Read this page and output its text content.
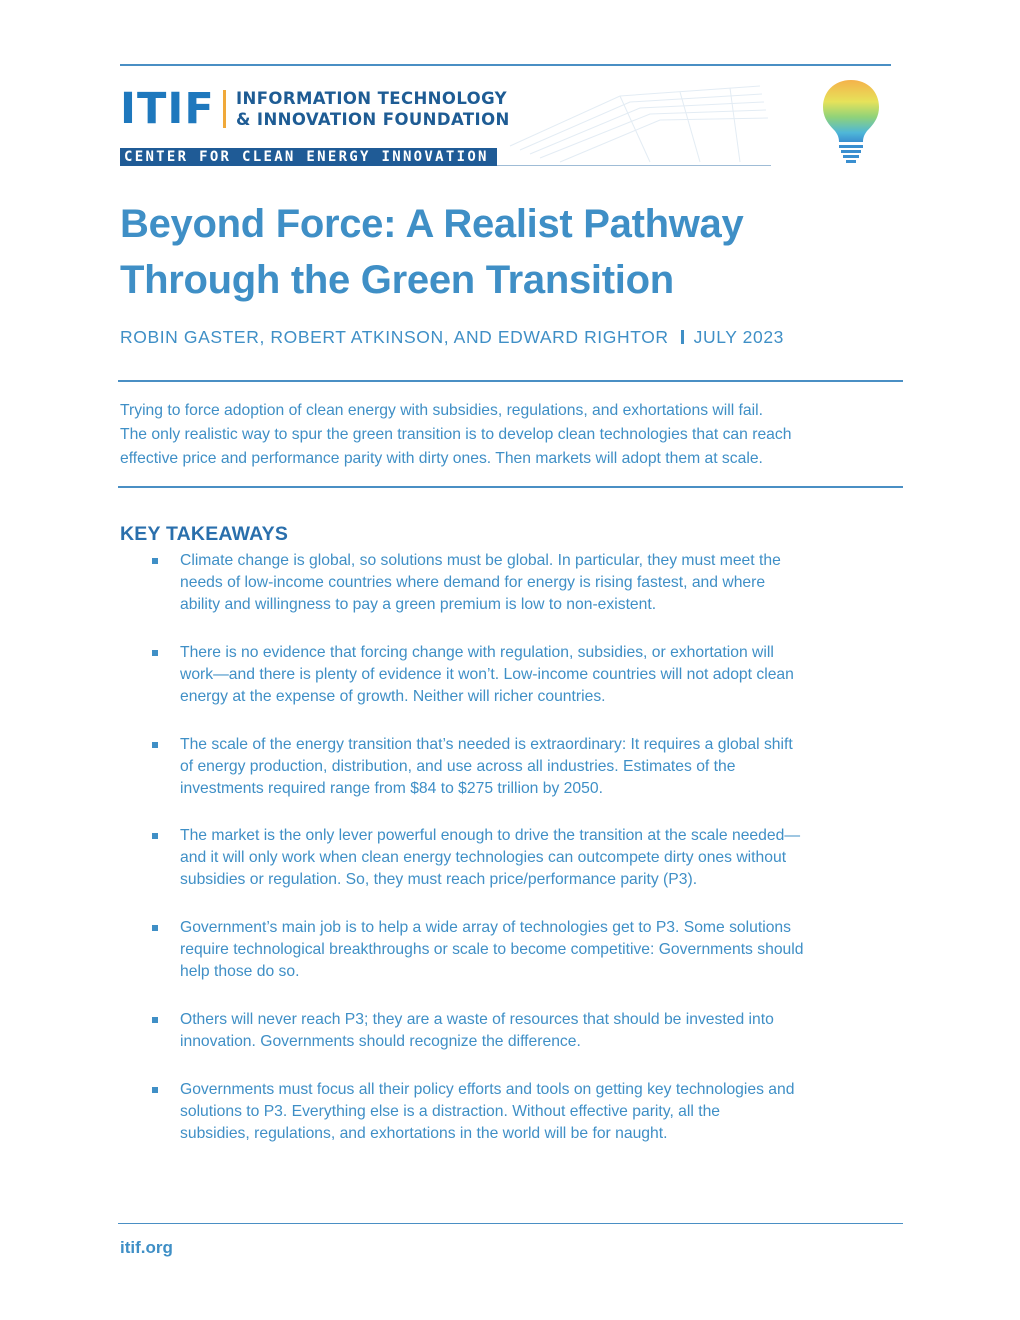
ITIF INFORMATION TECHNOLOGY
& INNOVATION FOUNDATION
CENTER FOR CLEAN ENERGY INNOVATION
Beyond Force: A Realist Pathway
Through the Green Transition

ROBIN GASTER, ROBERT ATKINSON, AND EDWARD RIGHTOR JULY 2023

Trying to force adoption of clean energy with subsidies, regulations, and exhortations will fail.
The only realistic way to spur the green transition is to develop clean technologies that can reach
effective price and performance parity with dirty ones. Then markets will adopt them at scale.

KEY TAKEAWAYS
Climate change is global, so solutions must be global. In particular, they must meet the
needs of low-income countries where demand for energy is rising fastest, and where
ability and willingness to pay a green premium is low to non-existent.
There is no evidence that forcing change with regulation, subsidies, or exhortation will
work—and there is plenty of evidence it won’t. Low-income countries will not adopt clean
energy at the expense of growth. Neither will richer countries.
The scale of the energy transition that’s needed is extraordinary: It requires a global shift
of energy production, distribution, and use across all industries. Estimates of the
investments required range from $84 to $275 trillion by 2050.
The market is the only lever powerful enough to drive the transition at the scale needed—
and it will only work when clean energy technologies can outcompete dirty ones without
subsidies or regulation. So, they must reach price/performance parity (P3).
Government’s main job is to help a wide array of technologies get to P3. Some solutions
require technological breakthroughs or scale to become competitive: Governments should
help those do so.
Others will never reach P3; they are a waste of resources that should be invested into
innovation. Governments should recognize the difference.
Governments must focus all their policy efforts and tools on getting key technologies and
solutions to P3. Everything else is a distraction. Without effective parity, all the
subsidies, regulations, and exhortations in the world will be for naught.
itif.org
